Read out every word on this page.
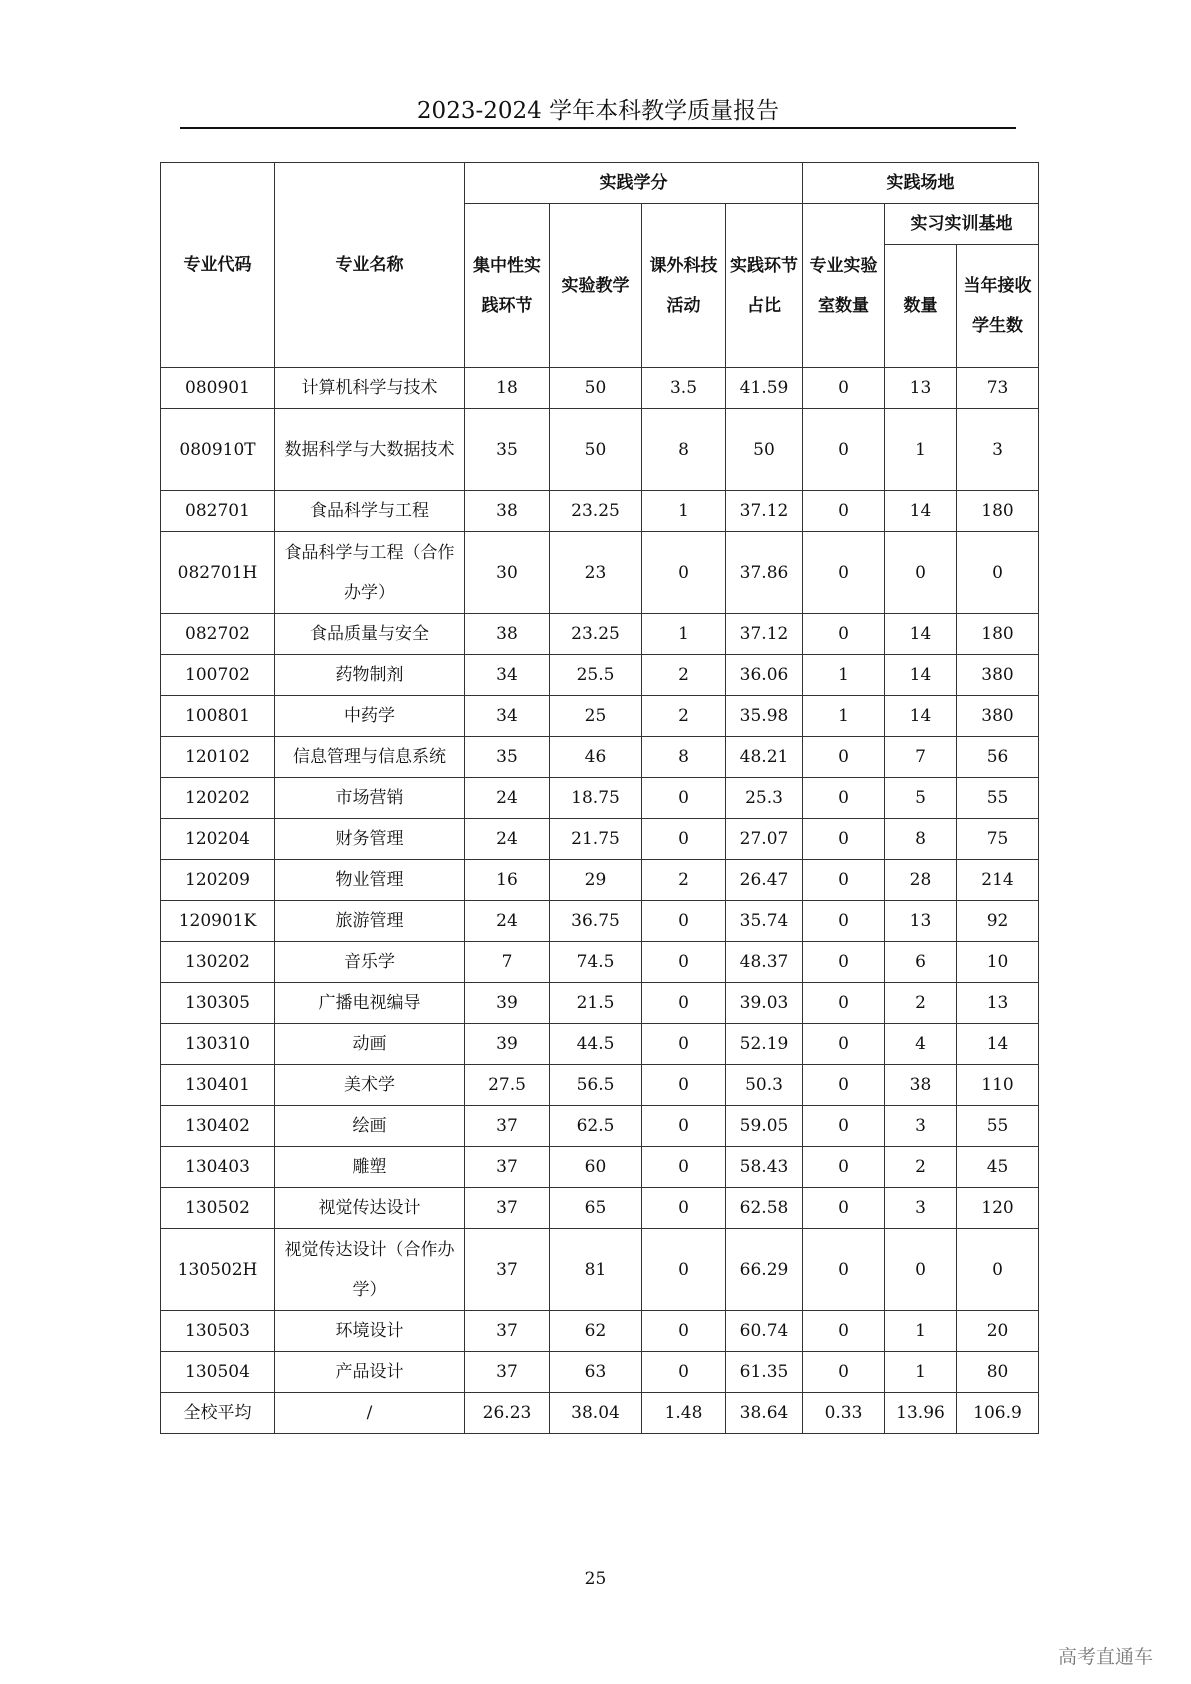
2023-2024 学年本科教学质量报告
专业代码	专业名称	实践学分				实践场地		
		集中性实践环节	实验教学	课外科技活动	实践环节占比	专业实验室数量	实习实训基地	
							数量	当年接收学生数
080901	计算机科学与技术	18	50	3.5	41.59	0	13	73
080910T	数据科学与大数据技术	35	50	8	50	0	1	3
082701	食品科学与工程	38	23.25	1	37.12	0	14	180
082701H	食品科学与工程（合作办学）	30	23	0	37.86	0	0	0
082702	食品质量与安全	38	23.25	1	37.12	0	14	180
100702	药物制剂	34	25.5	2	36.06	1	14	380
100801	中药学	34	25	2	35.98	1	14	380
120102	信息管理与信息系统	35	46	8	48.21	0	7	56
120202	市场营销	24	18.75	0	25.3	0	5	55
120204	财务管理	24	21.75	0	27.07	0	8	75
120209	物业管理	16	29	2	26.47	0	28	214
120901K	旅游管理	24	36.75	0	35.74	0	13	92
130202	音乐学	7	74.5	0	48.37	0	6	10
130305	广播电视编导	39	21.5	0	39.03	0	2	13
130310	动画	39	44.5	0	52.19	0	4	14
130401	美术学	27.5	56.5	0	50.3	0	38	110
130402	绘画	37	62.5	0	59.05	0	3	55
130403	雕塑	37	60	0	58.43	0	2	45
130502	视觉传达设计	37	65	0	62.58	0	3	120
130502H	视觉传达设计（合作办学）	37	81	0	66.29	0	0	0
130503	环境设计	37	62	0	60.74	0	1	20
130504	产品设计	37	63	0	61.35	0	1	80
全校平均	/	26.23	38.04	1.48	38.64	0.33	13.96	106.9
25
高考直通车
